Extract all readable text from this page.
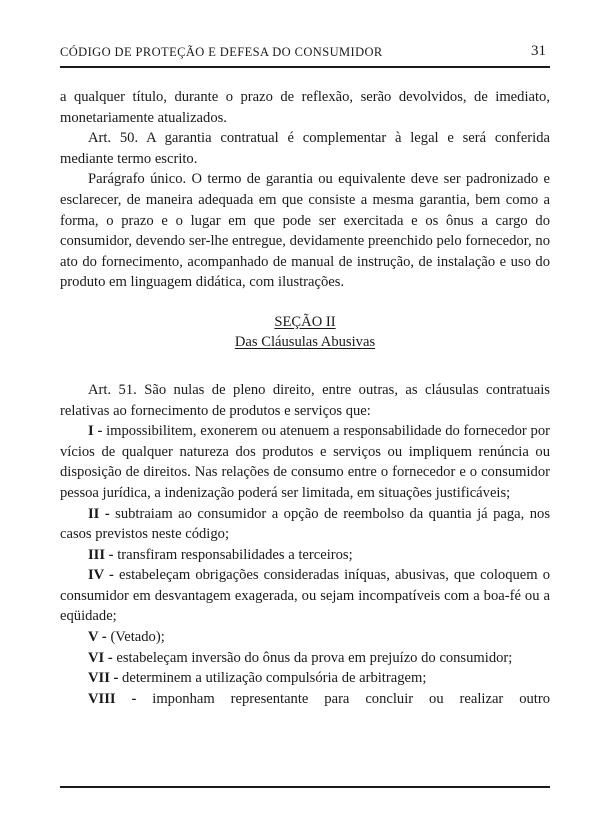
CÓDIGO DE PROTEÇÃO E DEFESA DO CONSUMIDOR	31

a qualquer título, durante o prazo de reflexão, serão devolvidos, de imediato, monetariamente atualizados.

Art. 50. A garantia contratual é complementar à legal e será conferida mediante termo escrito.

Parágrafo único. O termo de garantia ou equivalente deve ser padronizado e esclarecer, de maneira adequada em que consiste a mesma garantia, bem como a forma, o prazo e o lugar em que pode ser exercitada e os ônus a cargo do consumidor, devendo ser-lhe entregue, devidamente preenchido pelo fornecedor, no ato do fornecimento, acompanhado de manual de instrução, de instalação e uso do produto em linguagem didática, com ilustrações.

SEÇÃO II
Das Cláusulas Abusivas

Art. 51. São nulas de pleno direito, entre outras, as cláusulas contratuais relativas ao fornecimento de produtos e serviços que:

I - impossibilitem, exonerem ou atenuem a responsabilidade do fornecedor por vícios de qualquer natureza dos produtos e serviços ou impliquem renúncia ou disposição de direitos. Nas relações de consumo entre o fornecedor e o consumidor pessoa jurídica, a indenização poderá ser limitada, em situações justificáveis;

II - subtraiam ao consumidor a opção de reembolso da quantia já paga, nos casos previstos neste código;

III - transfiram responsabilidades a terceiros;

IV - estabeleçam obrigações consideradas iníquas, abusivas, que coloquem o consumidor em desvantagem exagerada, ou sejam incompatíveis com a boa-fé ou a eqüidade;

V - (Vetado);

VI - estabeleçam inversão do ônus da prova em prejuízo do consumidor;

VII - determinem a utilização compulsória de arbitragem;

VIII - imponham representante para concluir ou realizar outro
